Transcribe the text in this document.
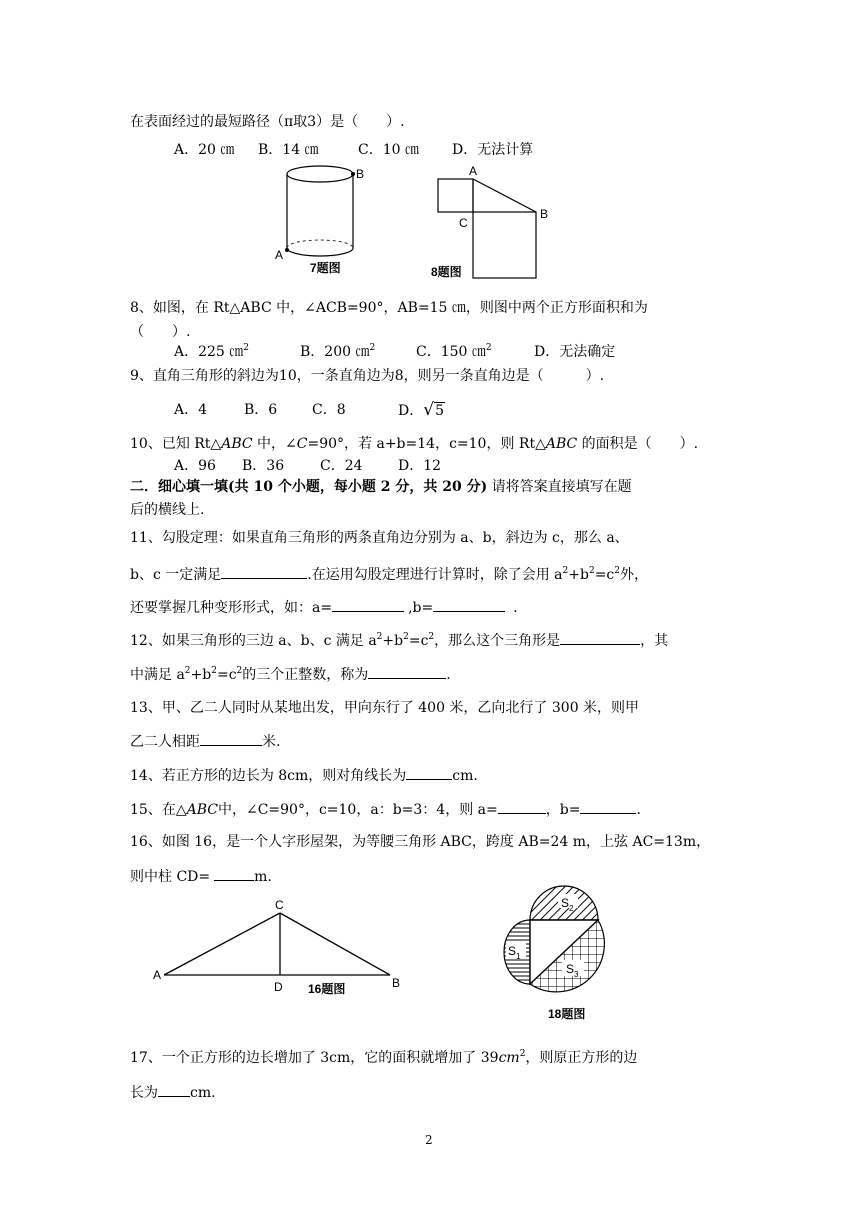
在表面经过的最短路径（π取3）是（　　）.
A．20 ㎝ B．14 ㎝	C．10 ㎝ D．无法计算
B
A
7题图
A
B
C
8题图
8、如图，在 Rt△ABC 中，∠ACB=90°，AB=15 ㎝，则图中两个正方形面积和为
（　　）.
A．225 ㎝$^2$	B．200 ㎝$^2$	C．150 ㎝$^2$	D．无法确定
9、直角三角形的斜边为10，一条直角边为8，则另一条直角边是（　　　）.
A．4	B．6 C．8	D．√5
10、已知 Rt△ABC 中，∠C=90°，若 a+b=14，c=10，则 Rt△ABC 的面积是（　　）.
A．96 B．36	C．24	D．12
二．细心填一填(共 10 个小题，每小题 2 分，共 20 分) 请将答案直接填写在题
后的横线上.
11、勾股定理：如果直角三角形的两条直角边分别为 a、b，斜边为 c，那么 a、
b、c 一定满足	.在运用勾股定理进行计算时，除了会用 $a^2+b^2=c^2$外，
还要掌握几种变形形式，如：a=	,b=	.
12、如果三角形的三边 a、b、c 满足 $a^2+b^2=c^2$，那么这个三角形是	，其
中满足 $a^2+b^2=c^2$的三个正整数，称为	.
13、甲、乙二人同时从某地出发，甲向东行了 400 米，乙向北行了 300 米，则甲
乙二人相距	米.
14、若正方形的边长为 8cm，则对角线长为	cm.
15、在△ABC中，∠C=90°，c=10，a：b=3：4，则 a=	，b=	.
16、如图 16，是一个人字形屋架，为等腰三角形 ABC，跨度 AB=24 m，上弦 AC=13m，
则中柱 CD=	m.
A
B
C
D 16题图
S 2
S 1
S 3
18题图
17、一个正方形的边长增加了 3cm，它的面积就增加了 $39cm^2$，则原正方形的边
长为 cm.
2
